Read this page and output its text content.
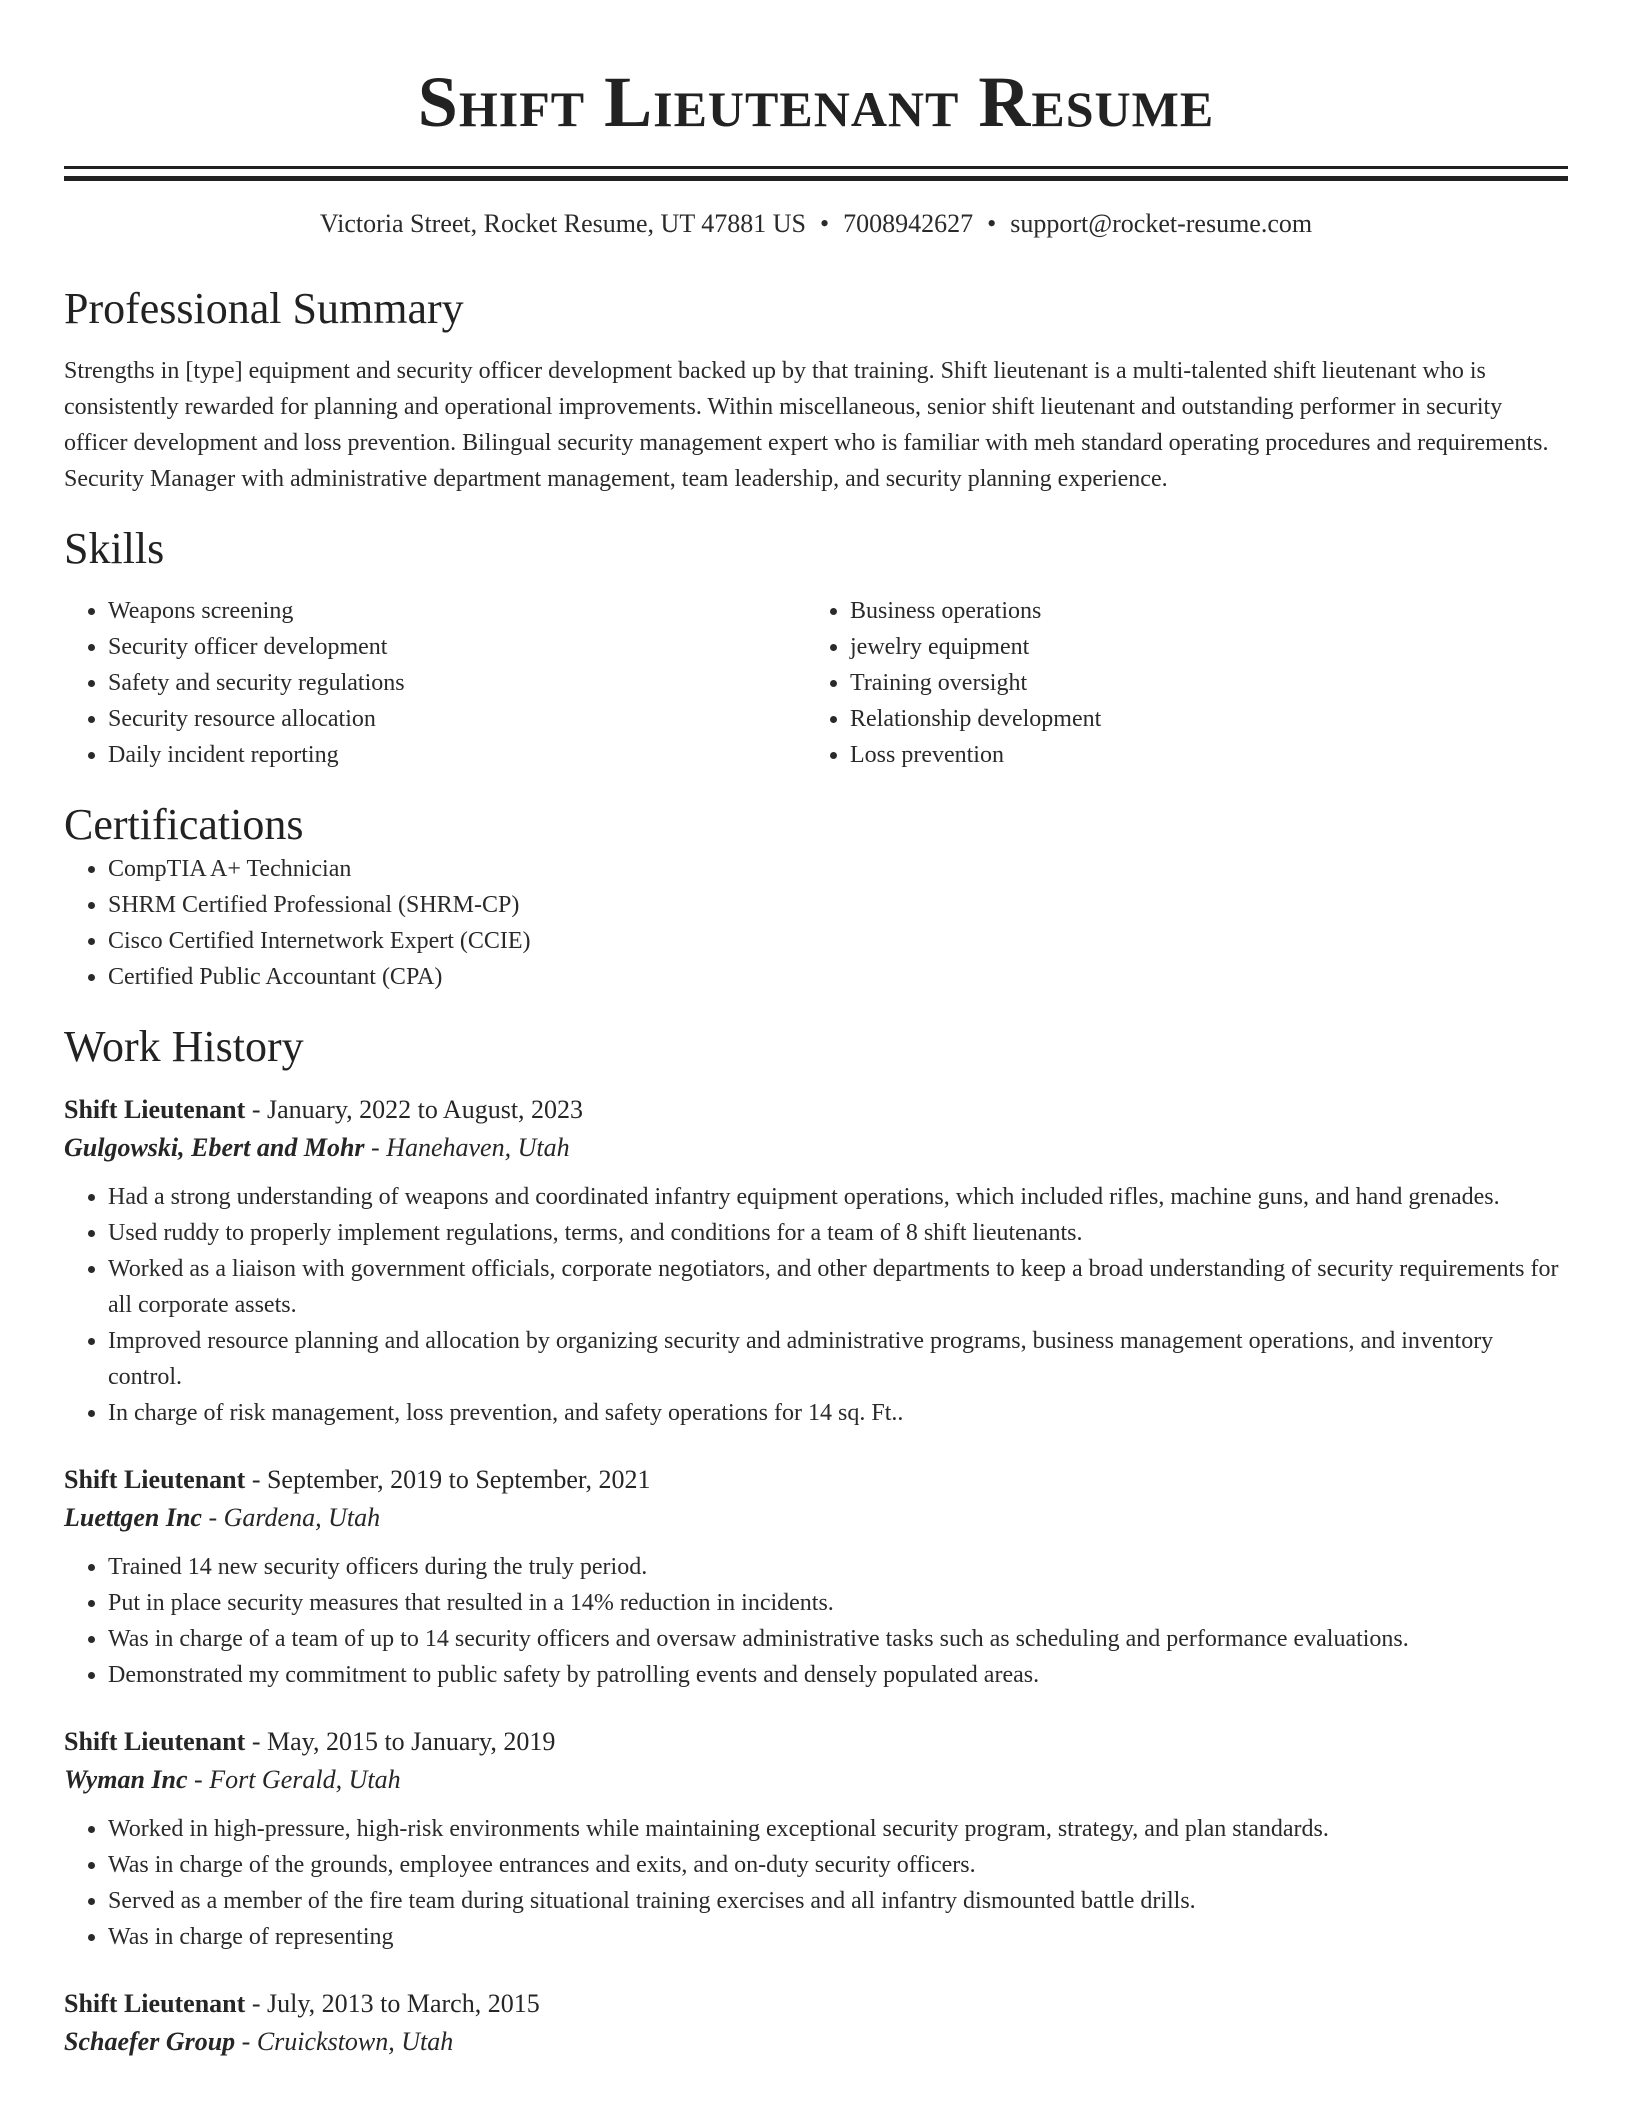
Shift Lieutenant Resume
Victoria Street, Rocket Resume, UT 47881 US • 7008942627 • support@rocket-resume.com
Professional Summary

Strengths in [type] equipment and security officer development backed up by that training. Shift lieutenant is a multi-talented shift lieutenant who is consistently rewarded for planning and operational improvements. Within miscellaneous, senior shift lieutenant and outstanding performer in security officer development and loss prevention. Bilingual security management expert who is familiar with meh standard operating procedures and requirements. Security Manager with administrative department management, team leadership, and security planning experience.

Skills
• Weapons screening
• Security officer development
• Safety and security regulations
• Security resource allocation
• Daily incident reporting
• Business operations
• jewelry equipment
• Training oversight
• Relationship development
• Loss prevention
Certifications
• CompTIA A+ Technician
• SHRM Certified Professional (SHRM-CP)
• Cisco Certified Internetwork Expert (CCIE)
• Certified Public Accountant (CPA)
Work History
Shift Lieutenant - January, 2022 to August, 2023
Gulgowski, Ebert and Mohr - Hanehaven, Utah
• Had a strong understanding of weapons and coordinated infantry equipment operations, which included rifles, machine guns, and hand grenades.
• Used ruddy to properly implement regulations, terms, and conditions for a team of 8 shift lieutenants.
• Worked as a liaison with government officials, corporate negotiators, and other departments to keep a broad understanding of security requirements for all corporate assets.
• Improved resource planning and allocation by organizing security and administrative programs, business management operations, and inventory control.
• In charge of risk management, loss prevention, and safety operations for 14 sq. Ft..
Shift Lieutenant - September, 2019 to September, 2021
Luettgen Inc - Gardena, Utah
• Trained 14 new security officers during the truly period.
• Put in place security measures that resulted in a 14% reduction in incidents.
• Was in charge of a team of up to 14 security officers and oversaw administrative tasks such as scheduling and performance evaluations.
• Demonstrated my commitment to public safety by patrolling events and densely populated areas.
Shift Lieutenant - May, 2015 to January, 2019
Wyman Inc - Fort Gerald, Utah
• Worked in high-pressure, high-risk environments while maintaining exceptional security program, strategy, and plan standards.
• Was in charge of the grounds, employee entrances and exits, and on-duty security officers.
• Served as a member of the fire team during situational training exercises and all infantry dismounted battle drills.
• Was in charge of representing
Shift Lieutenant - July, 2013 to March, 2015
Schaefer Group - Cruickstown, Utah
